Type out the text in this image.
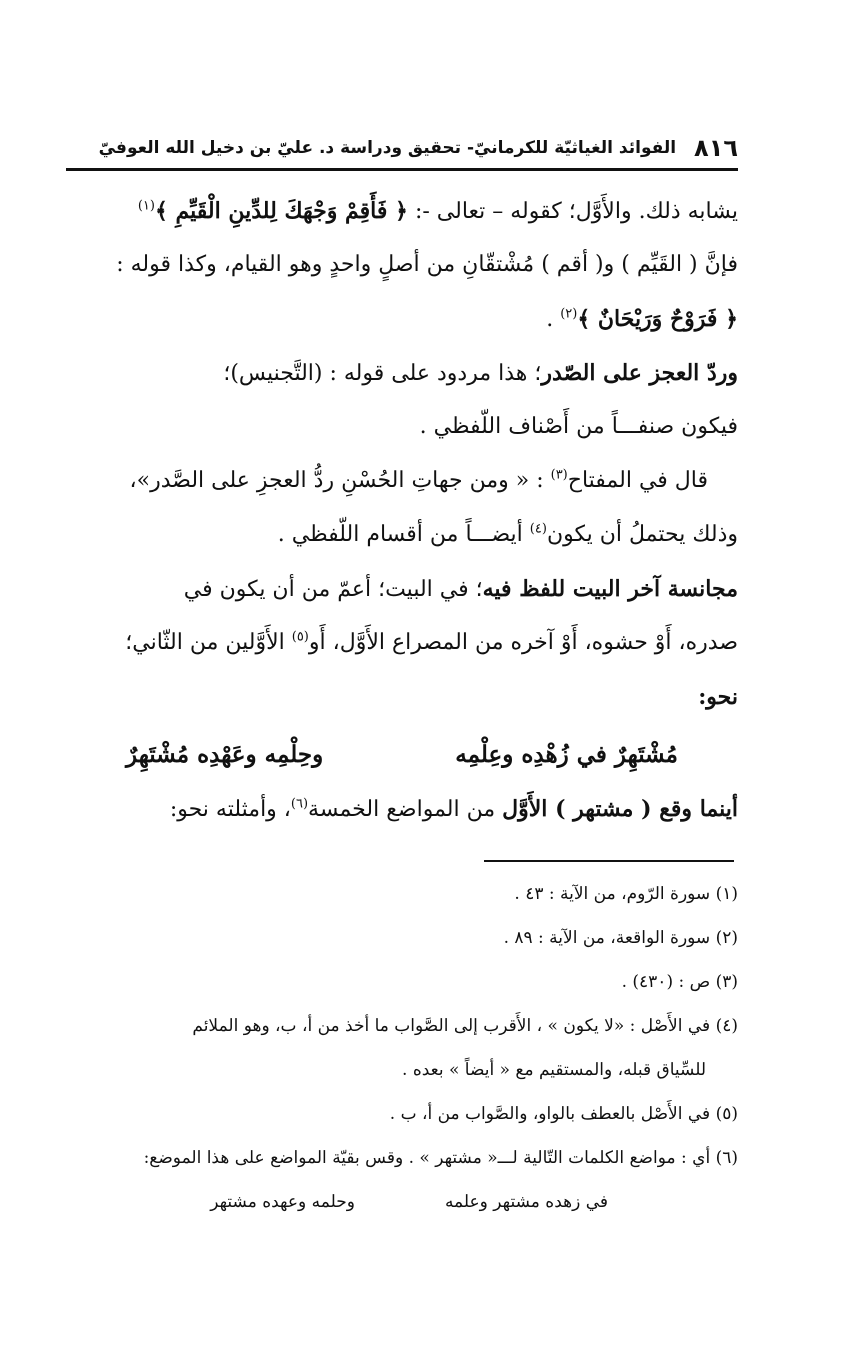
٨١٦
الفوائد الغياثيّة للكرمانيّ- تحقيق ودراسة د. عليّ بن دخيل الله العوفيّ
يشابه ذلك. والأَوَّل؛ كقوله – تعالى -: ﴿ فَأَقِمْ وَجْهَكَ لِلدِّينِ الْقَيِّمِ ﴾$^{(١)}$
فإنَّ ( القَيِّم ) و( أقم ) مُشْتقّانِ من أصلٍ واحدٍ وهو القيام، وكذا قوله :
﴿ فَرَوْحٌ وَرَيْحَانٌ ﴾$^{(٢)}$ .
وردّ العجز على الصّدر؛ هذا مردود على قوله : (التَّجنيس)؛
فيكون صنفـــاً من أَصْناف اللّفظي .
قال في المفتاح$^{(٣)}$ : « ومن جهاتِ الحُسْنِ ردُّ العجزِ على الصَّدر»،
وذلك يحتملُ أن يكون$^{(٤)}$ أيضـــاً من أقسام اللّفظي .
مجانسة آخر البيت للفظ فيه؛ في البيت؛ أعمّ من أن يكون في
صدره، أَوْ حشوه، أَوْ آخره من المصراع الأَوَّل، أَو$^{(٥)}$ الأَوَّلين من الثّاني؛
نحو:
مُشْتَهِرٌ في زُهْدِه وعِلْمِه
وحِلْمِه وعَهْدِه مُشْتَهِرٌ
أينما وقع ( مشتهر ) الأَوَّل من المواضع الخمسة$^{(٦)}$، وأمثلته نحو:
(١) سورة الرّوم، من الآية : ٤٣ .
(٢) سورة الواقعة، من الآية : ٨٩ .
(٣) ص : (٤٣٠) .
(٤) في الأَصْل : «لا يكون » ، الأَقرب إلى الصَّواب ما أخذ من أ، ب، وهو الملائم
للسِّياق قبله، والمستقيم مع « أيضاً » بعده .
(٥) في الأَصْل بالعطف بالواو، والصَّواب من أ، ب .
(٦) أي : مواضع الكلمات التّالية لـــ« مشتهر » . وقس بقيّة المواضع على هذا الموضع:
في زهده مشتهر وعلمه
وحلمه وعهده مشتهر
